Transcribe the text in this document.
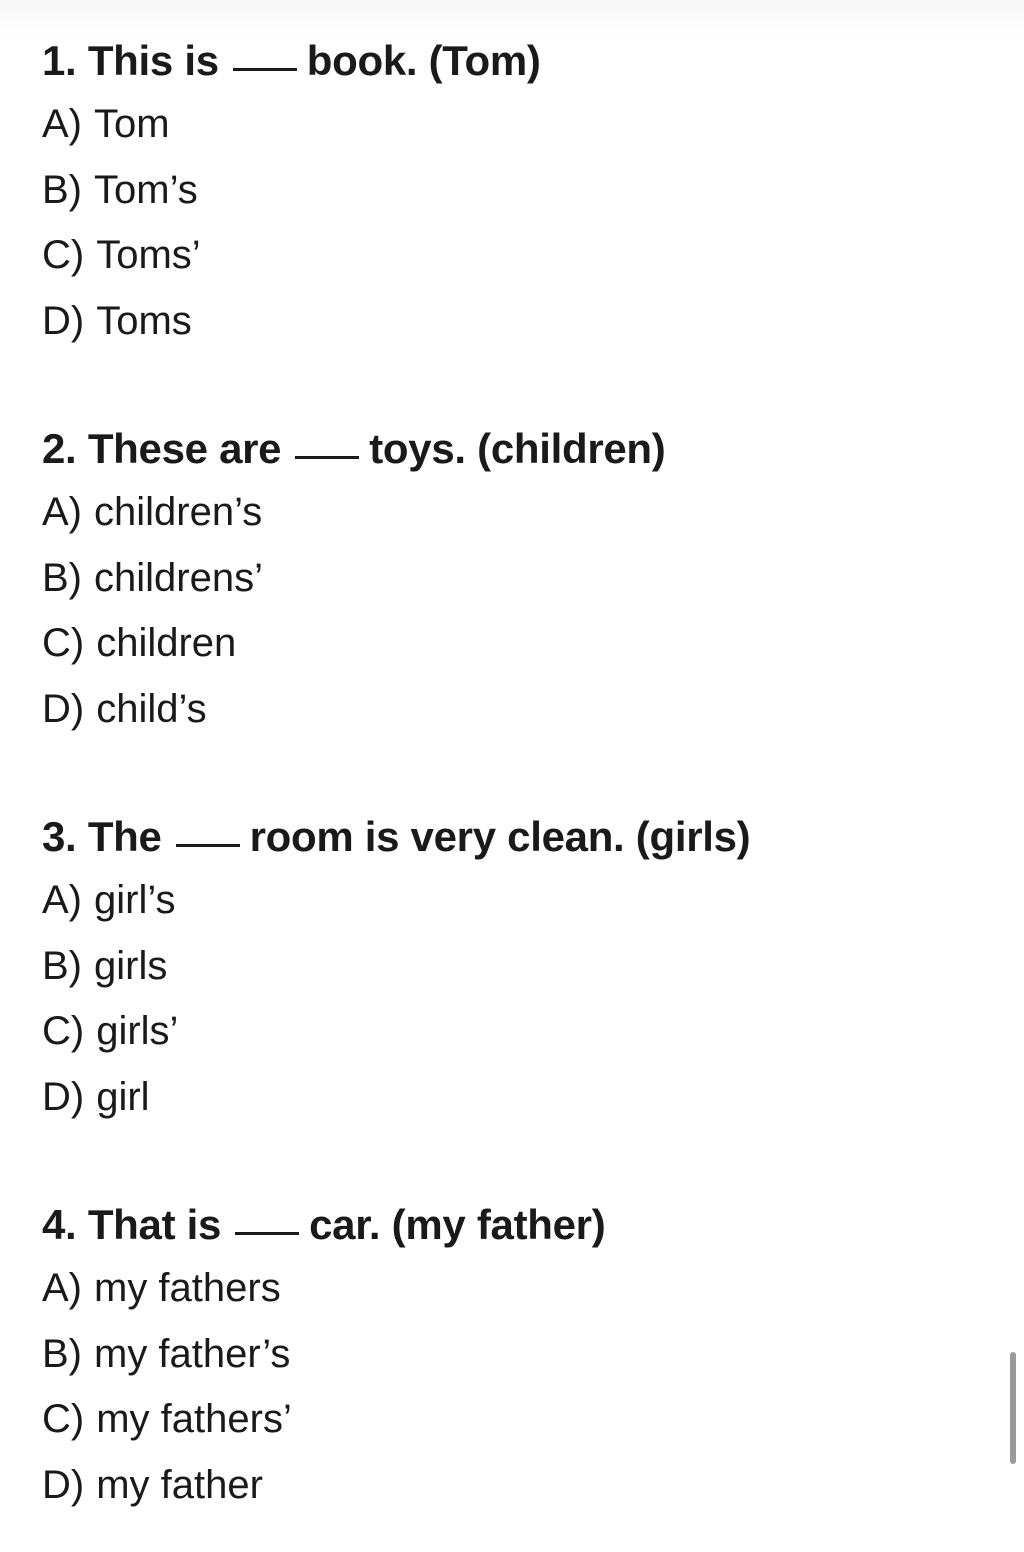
1. This is book. (Tom)
A) Tom
B) Tom’s
C) Toms’
D) Toms
2. These are toys. (children)
A) children’s
B) childrens’
C) children
D) child’s
3. The room is very clean. (girls)
A) girl’s
B) girls
C) girls’
D) girl
4. That is car. (my father)
A) my fathers
B) my father’s
C) my fathers’
D) my father
